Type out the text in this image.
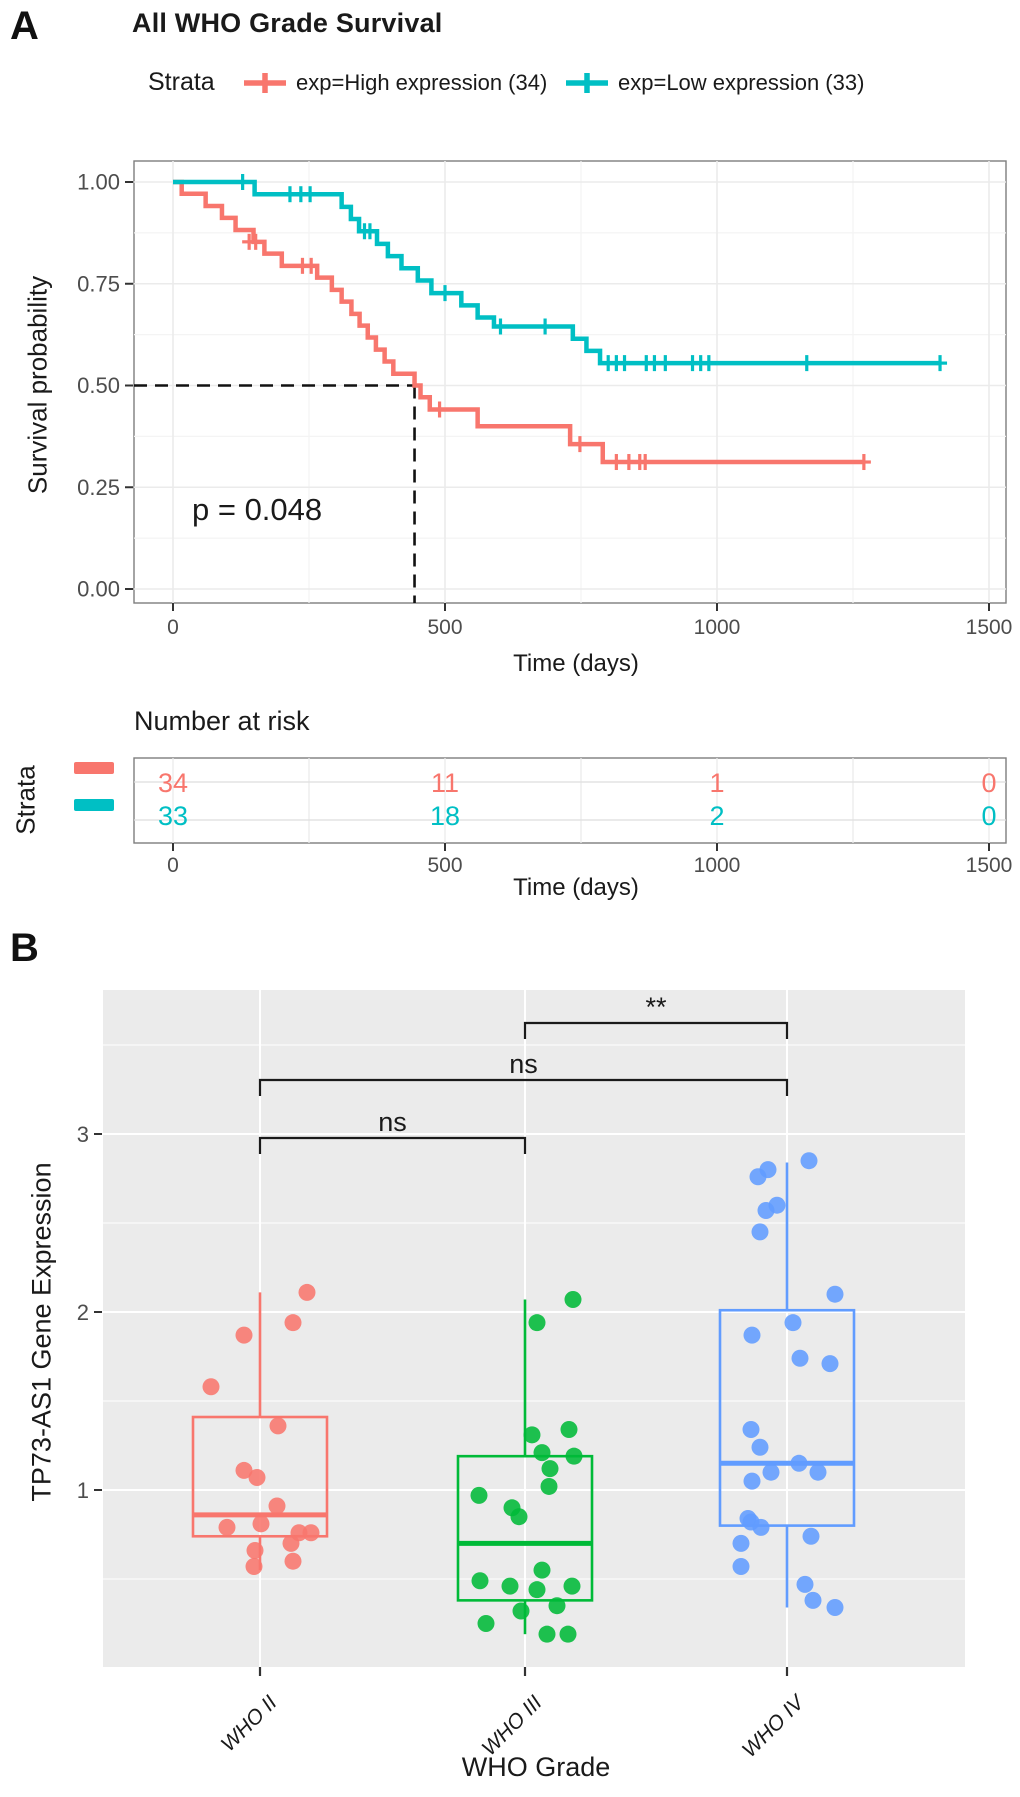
0	500	1000	1500
0.00
0.25
0.50
0.75
1.00
34	11	1	0
33	18	2	0
0	500	1000	1500
WHO II	WHO III	WHO IV
1
2
3	ns
ns
**
A	All WHO Grade Survival
Strata	exp=High expression (34)	exp=Low expression (33)
Survival probability
p = 0.048
Time (days)
Number at risk
Strata
Time (days)
B
TP73-AS1 Gene Expression
WHO Grade
